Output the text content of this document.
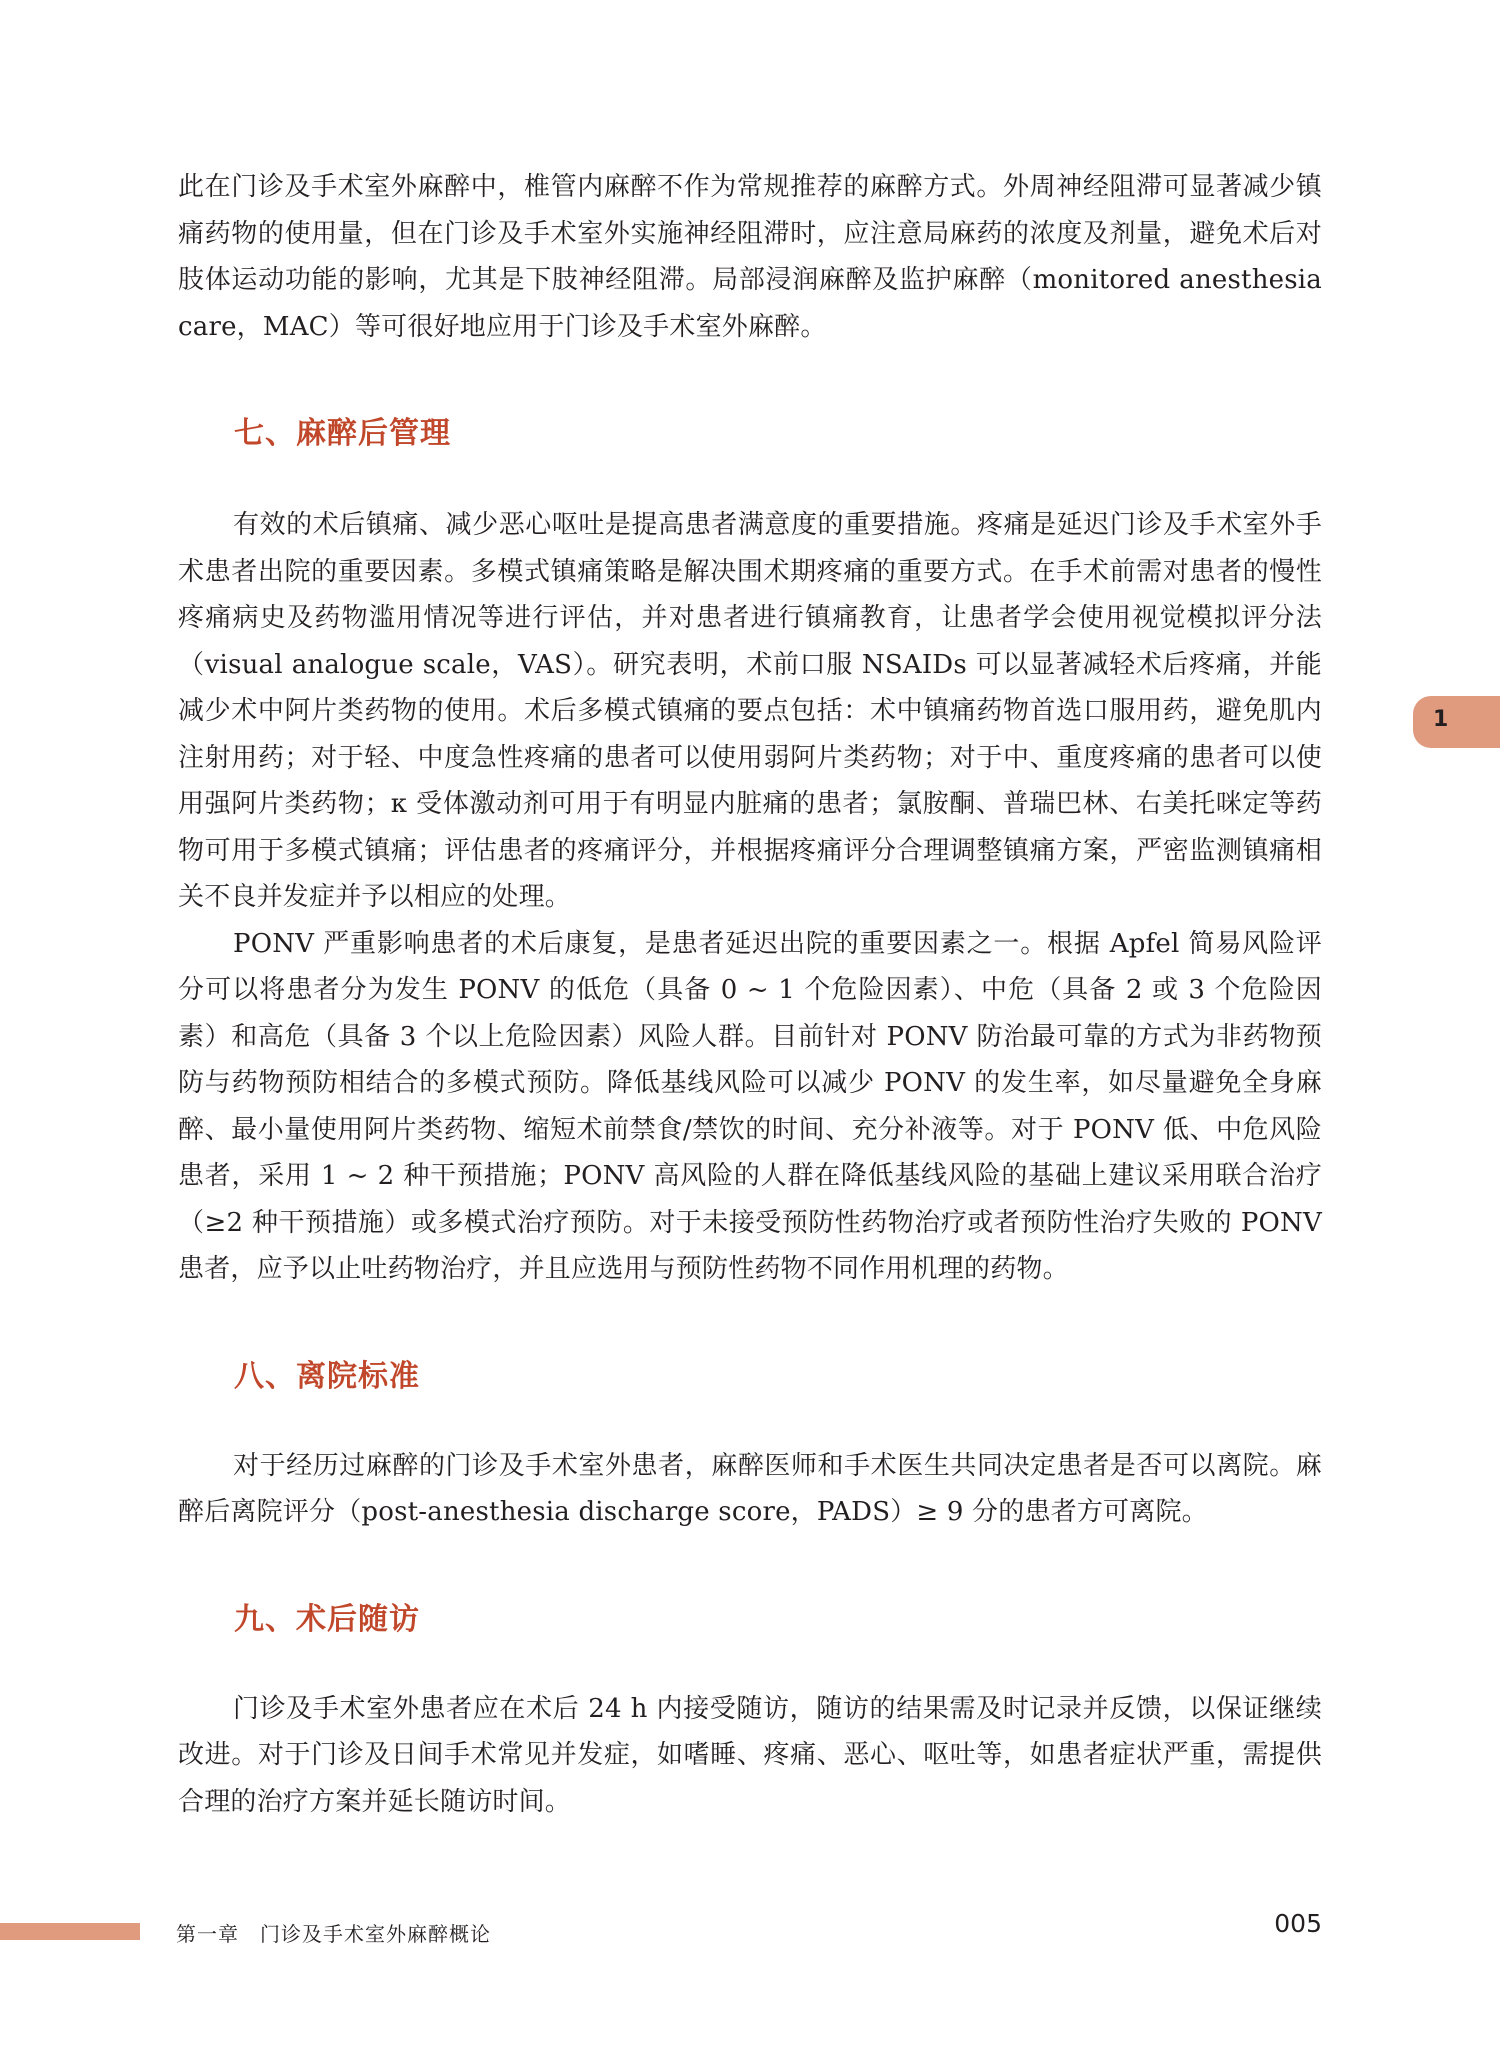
此在门诊及手术室外麻醉中，椎管内麻醉不作为常规推荐的麻醉方式。外周神经阻滞可显著减少镇痛药物的使用量，但在门诊及手术室外实施神经阻滞时，应注意局麻药的浓度及剂量，避免术后对肢体运动功能的影响，尤其是下肢神经阻滞。局部浸润麻醉及监护麻醉（monitored anesthesia care，MAC）等可很好地应用于门诊及手术室外麻醉。

七、麻醉后管理

有效的术后镇痛、减少恶心呕吐是提高患者满意度的重要措施。疼痛是延迟门诊及手术室外手术患者出院的重要因素。多模式镇痛策略是解决围术期疼痛的重要方式。在手术前需对患者的慢性疼痛病史及药物滥用情况等进行评估，并对患者进行镇痛教育，让患者学会使用视觉模拟评分法（visual analogue scale，VAS）。研究表明，术前口服 NSAIDs 可以显著减轻术后疼痛，并能减少术中阿片类药物的使用。术后多模式镇痛的要点包括：术中镇痛药物首选口服用药，避免肌内注射用药；对于轻、中度急性疼痛的患者可以使用弱阿片类药物；对于中、重度疼痛的患者可以使用强阿片类药物；κ 受体激动剂可用于有明显内脏痛的患者；氯胺酮、普瑞巴林、右美托咪定等药物可用于多模式镇痛；评估患者的疼痛评分，并根据疼痛评分合理调整镇痛方案，严密监测镇痛相关不良并发症并予以相应的处理。

PONV 严重影响患者的术后康复，是患者延迟出院的重要因素之一。根据 Apfel 简易风险评分可以将患者分为发生 PONV 的低危（具备 0 ~ 1 个危险因素）、中危（具备 2 或 3 个危险因素）和高危（具备 3 个以上危险因素）风险人群。目前针对 PONV 防治最可靠的方式为非药物预防与药物预防相结合的多模式预防。降低基线风险可以减少 PONV 的发生率，如尽量避免全身麻醉、最小量使用阿片类药物、缩短术前禁食/禁饮的时间、充分补液等。对于 PONV 低、中危风险患者，采用 1 ~ 2 种干预措施；PONV 高风险的人群在降低基线风险的基础上建议采用联合治疗（≥2 种干预措施）或多模式治疗预防。对于未接受预防性药物治疗或者预防性治疗失败的 PONV 患者，应予以止吐药物治疗，并且应选用与预防性药物不同作用机理的药物。

八、离院标准

对于经历过麻醉的门诊及手术室外患者，麻醉医师和手术医生共同决定患者是否可以离院。麻醉后离院评分（post-anesthesia discharge score，PADS）≥ 9 分的患者方可离院。

九、术后随访

门诊及手术室外患者应在术后 24 h 内接受随访，随访的结果需及时记录并反馈，以保证继续改进。对于门诊及日间手术常见并发症，如嗜睡、疼痛、恶心、呕吐等，如患者症状严重，需提供合理的治疗方案并延长随访时间。

1
第一章　门诊及手术室外麻醉概论	005
